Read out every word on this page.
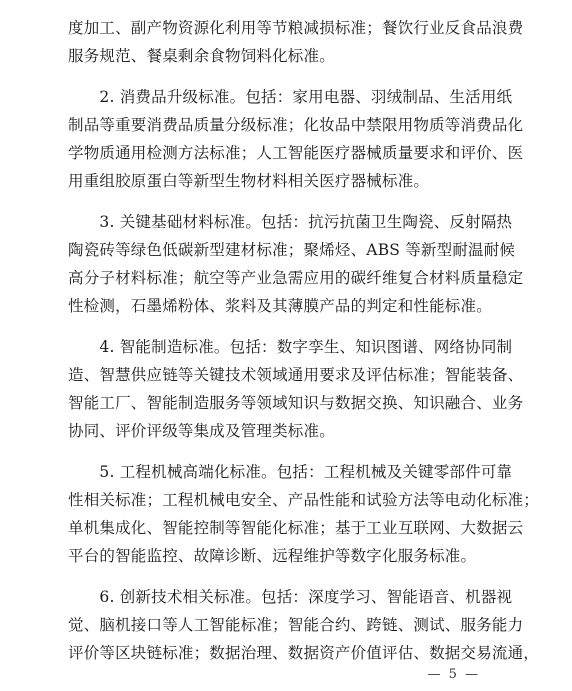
度加工、副产物资源化利用等节粮减损标准；餐饮行业反食品浪费
服务规范、餐桌剩余食物饲料化标准。

　　2. 消费品升级标准。包括：家用电器、羽绒制品、生活用纸
制品等重要消费品质量分级标准；化妆品中禁限用物质等消费品化
学物质通用检测方法标准；人工智能医疗器械质量要求和评价、医
用重组胶原蛋白等新型生物材料相关医疗器械标准。

　　3. 关键基础材料标准。包括：抗污抗菌卫生陶瓷、反射隔热
陶瓷砖等绿色低碳新型建材标准；聚烯烃、ABS 等新型耐温耐候
高分子材料标准；航空等产业急需应用的碳纤维复合材料质量稳定
性检测，石墨烯粉体、浆料及其薄膜产品的判定和性能标准。

　　4. 智能制造标准。包括：数字孪生、知识图谱、网络协同制
造、智慧供应链等关键技术领域通用要求及评估标准；智能装备、
智能工厂、智能制造服务等领域知识与数据交换、知识融合、业务
协同、评价评级等集成及管理类标准。

　　5. 工程机械高端化标准。包括：工程机械及关键零部件可靠
性相关标准；工程机械电安全、产品性能和试验方法等电动化标准；
单机集成化、智能控制等智能化标准；基于工业互联网、大数据云
平台的智能监控、故障诊断、远程维护等数字化服务标准。

　　6. 创新技术相关标准。包括：深度学习、智能语音、机器视
觉、脑机接口等人工智能标准；智能合约、跨链、测试、服务能力
评价等区块链标准；数据治理、数据资产价值评估、数据交易流通，

— 5 —
